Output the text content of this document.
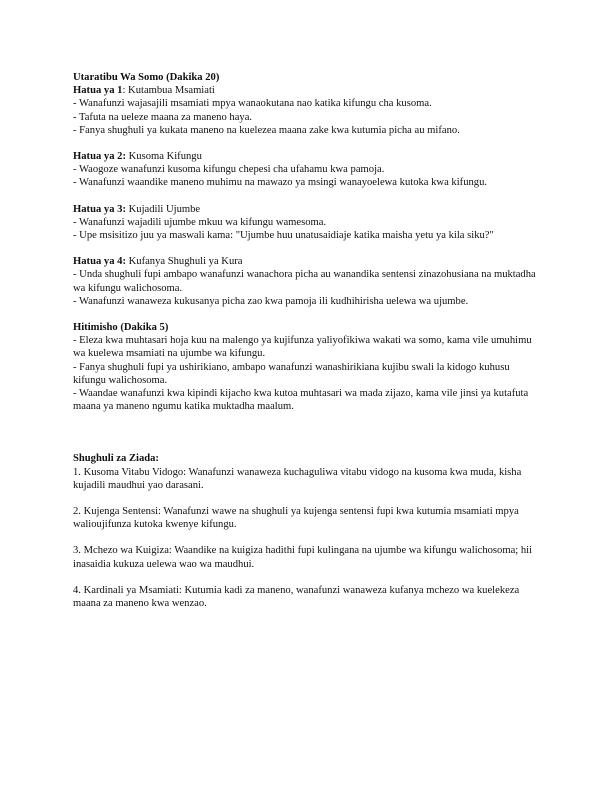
Utaratibu Wa Somo (Dakika 20)
Hatua ya 1: Kutambua Msamiati
- Wanafunzi wajasajili msamiati mpya wanaokutana nao katika kifungu cha kusoma.
- Tafuta na ueleze maana za maneno haya.
- Fanya shughuli ya kukata maneno na kuelezea maana zake kwa kutumia picha au mifano.
Hatua ya 2: Kusoma Kifungu
- Waogoze wanafunzi kusoma kifungu chepesi cha ufahamu kwa pamoja.
- Wanafunzi waandike maneno muhimu na mawazo ya msingi wanayoelewa kutoka kwa kifungu.
Hatua ya 3: Kujadili Ujumbe
- Wanafunzi wajadili ujumbe mkuu wa kifungu wamesoma.
- Upe msisitizo juu ya maswali kama: "Ujumbe huu unatusaidiaje katika maisha yetu ya kila siku?"
Hatua ya 4: Kufanya Shughuli ya Kura
- Unda shughuli fupi ambapo wanafunzi wanachora picha au wanandika sentensi zinazohusiana na muktadha wa kifungu walichosoma.
- Wanafunzi wanaweza kukusanya picha zao kwa pamoja ili kudhihirisha uelewa wa ujumbe.
Hitimisho (Dakika 5)
- Eleza kwa muhtasari hoja kuu na malengo ya kujifunza yaliyofikiwa wakati wa somo, kama vile umuhimu wa kuelewa msamiati na ujumbe wa kifungu.
- Fanya shughuli fupi ya ushirikiano, ambapo wanafunzi wanashirikiana kujibu swali la kidogo kuhusu kifungu walichosoma.
- Waandae wanafunzi kwa kipindi kijacho kwa kutoa muhtasari wa mada zijazo, kama vile jinsi ya kutafuta maana ya maneno ngumu katika muktadha maalum.
Shughuli za Ziada:
1. Kusoma Vitabu Vidogo: Wanafunzi wanaweza kuchaguliwa vitabu vidogo na kusoma kwa muda, kisha kujadili maudhui yao darasani.
2. Kujenga Sentensi: Wanafunzi wawe na shughuli ya kujenga sentensi fupi kwa kutumia msamiati mpya walioujifunza kutoka kwenye kifungu.
3. Mchezo wa Kuigiza: Waandike na kuigiza hadithi fupi kulingana na ujumbe wa kifungu walichosoma; hii inasaidia kukuza uelewa wao wa maudhui.
4. Kardinali ya Msamiati: Kutumia kadi za maneno, wanafunzi wanaweza kufanya mchezo wa kuelekeza maana za maneno kwa wenzao.
